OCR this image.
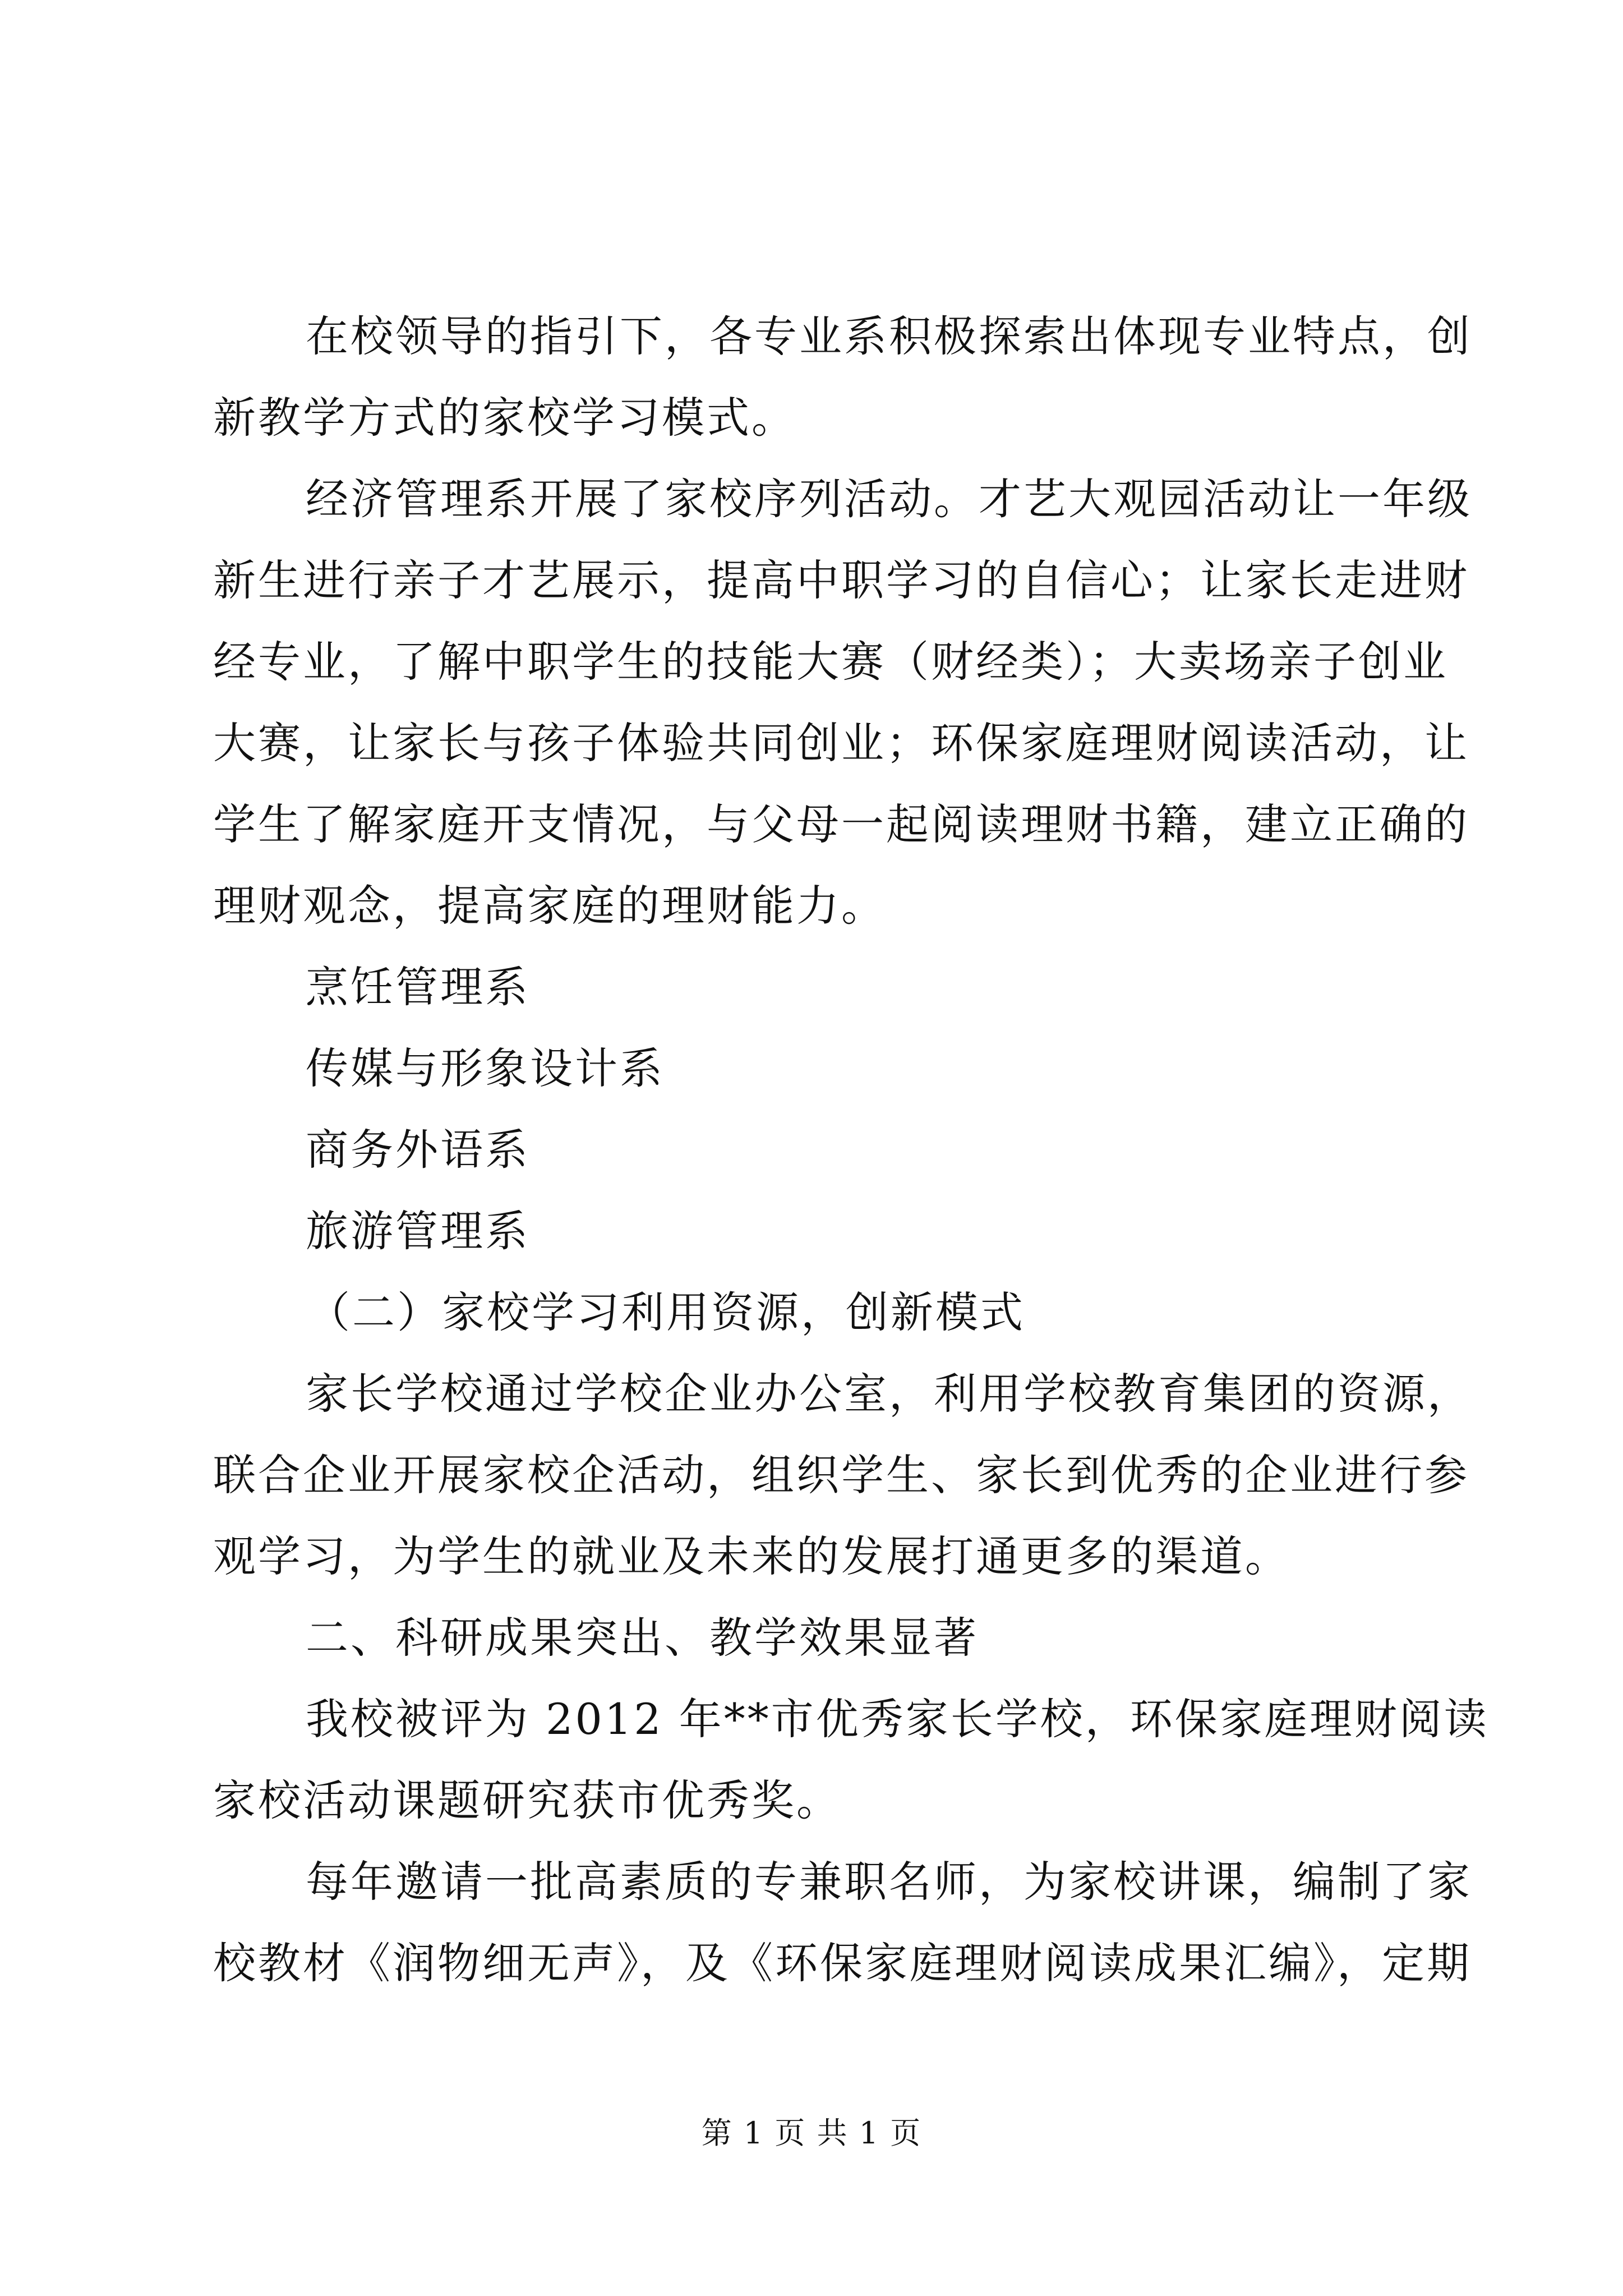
在校领导的指引下，各专业系积极探索出体现专业特点，创
新教学方式的家校学习模式。
经济管理系开展了家校序列活动。才艺大观园活动让一年级
新生进行亲子才艺展示，提高中职学习的自信心；让家长走进财
经专业，了解中职学生的技能大赛（财经类）；大卖场亲子创业
大赛，让家长与孩子体验共同创业；环保家庭理财阅读活动，让
学生了解家庭开支情况，与父母一起阅读理财书籍，建立正确的
理财观念，提高家庭的理财能力。
烹饪管理系
传媒与形象设计系
商务外语系
旅游管理系
（二）家校学习利用资源，创新模式
家长学校通过学校企业办公室，利用学校教育集团的资源，
联合企业开展家校企活动，组织学生、家长到优秀的企业进行参
观学习，为学生的就业及未来的发展打通更多的渠道。
二、科研成果突出、教学效果显著
我校被评为 2012 年**市优秀家长学校，环保家庭理财阅读
家校活动课题研究获市优秀奖。
每年邀请一批高素质的专兼职名师，为家校讲课，编制了家
校教材《润物细无声》，及《环保家庭理财阅读成果汇编》，定期
第 1 页 共 1 页
